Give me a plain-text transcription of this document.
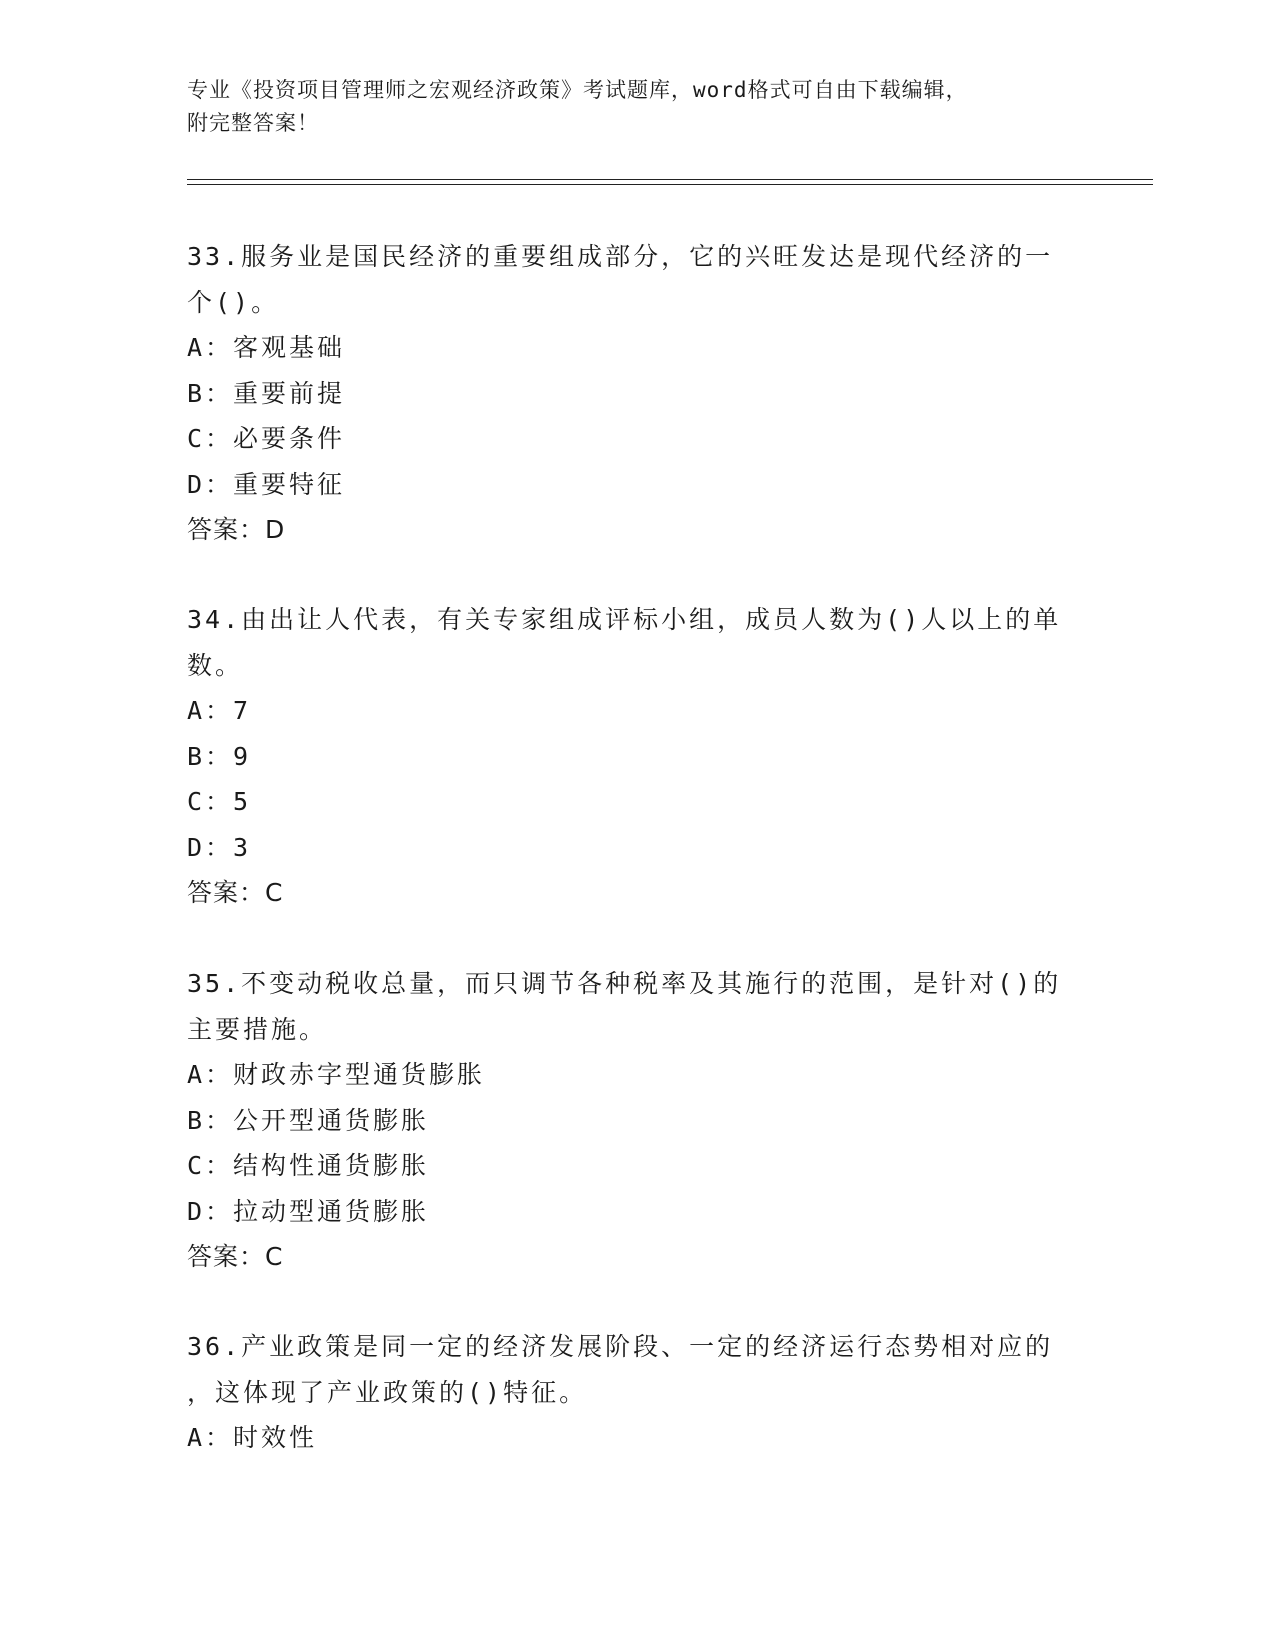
专业《投资项目管理师之宏观经济政策》考试题库，word格式可自由下载编辑，
附完整答案！
33.服务业是国民经济的重要组成部分，它的兴旺发达是现代经济的一
个()。
A：客观基础
B：重要前提
C：必要条件
D：重要特征
答案：D
34.由出让人代表，有关专家组成评标小组，成员人数为()人以上的单
数。
A：7
B：9
C：5
D：3
答案：C
35.不变动税收总量，而只调节各种税率及其施行的范围，是针对()的
主要措施。
A：财政赤字型通货膨胀
B：公开型通货膨胀
C：结构性通货膨胀
D：拉动型通货膨胀
答案：C
36.产业政策是同一定的经济发展阶段、一定的经济运行态势相对应的
，这体现了产业政策的()特征。
A：时效性
